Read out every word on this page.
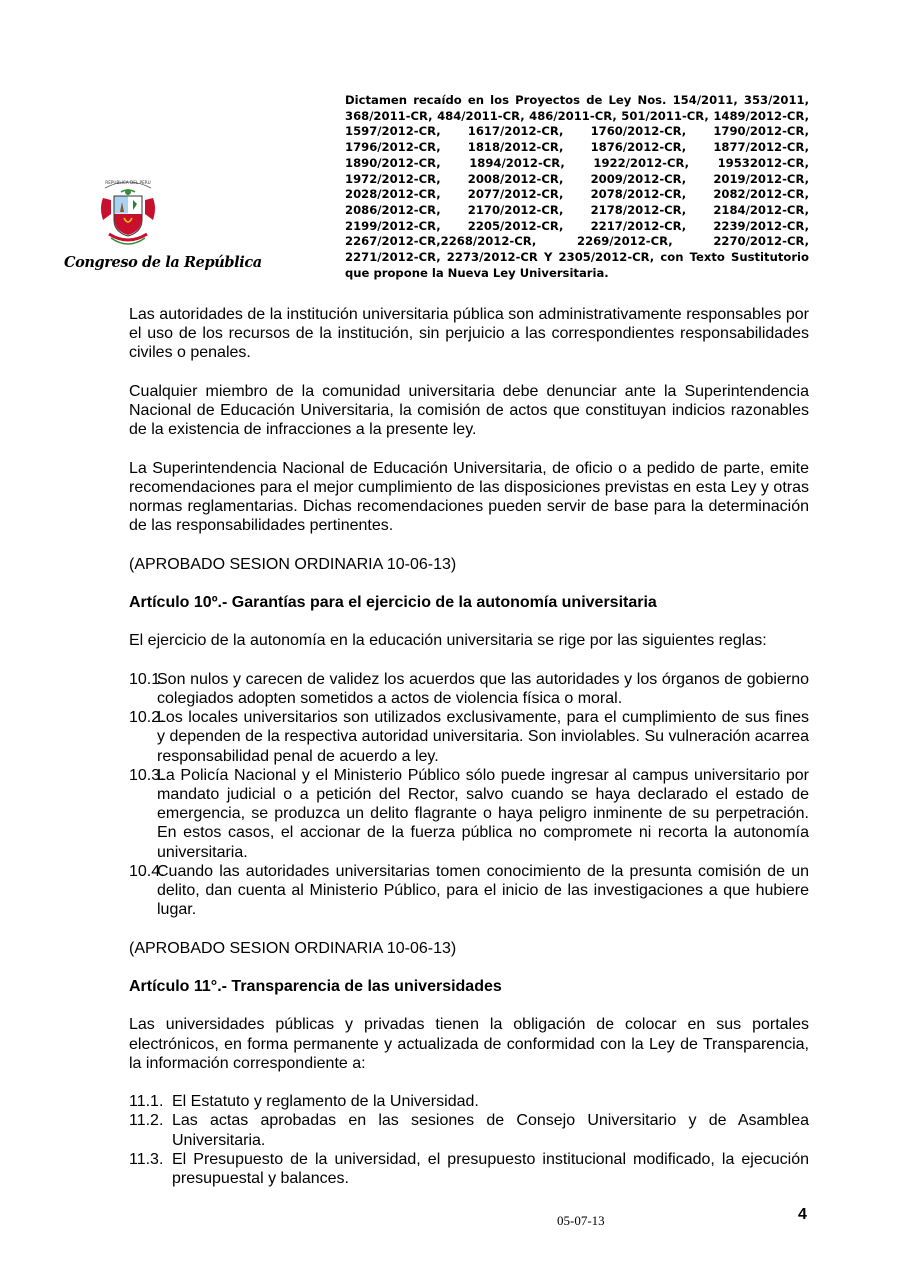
REPUBLICA DEL PERU
Congreso de la República
Dictamen recaído en los Proyectos de Ley Nos. 154/2011, 353/2011, 368/2011-CR, 484/2011-CR, 486/2011-CR, 501/2011-CR, 1489/2012-CR, 1597/2012-CR, 1617/2012-CR, 1760/2012-CR, 1790/2012-CR, 1796/2012-CR, 1818/2012-CR, 1876/2012-CR, 1877/2012-CR, 1890/2012-CR, 1894/2012-CR, 1922/2012-CR, 19532012-CR, 1972/2012-CR, 2008/2012-CR, 2009/2012-CR, 2019/2012-CR, 2028/2012-CR, 2077/2012-CR, 2078/2012-CR, 2082/2012-CR, 2086/2012-CR, 2170/2012-CR, 2178/2012-CR, 2184/2012-CR, 2199/2012-CR, 2205/2012-CR, 2217/2012-CR, 2239/2012-CR, 2267/2012-CR,2268/2012-CR, 2269/2012-CR, 2270/2012-CR, 2271/2012-CR, 2273/2012-CR Y 2305/2012-CR, con Texto Sustitutorio que propone la Nueva Ley Universitaria.

Las autoridades de la institución universitaria pública son administrativamente responsables por el uso de los recursos de la institución, sin perjuicio a las correspondientes responsabilidades civiles o penales.

Cualquier miembro de la comunidad universitaria debe denunciar ante la Superintendencia Nacional de Educación Universitaria, la comisión de actos que constituyan indicios razonables de la existencia de infracciones a la presente ley.

La Superintendencia Nacional de Educación Universitaria, de oficio o a pedido de parte, emite recomendaciones para el mejor cumplimiento de las disposiciones previstas en esta Ley y otras normas reglamentarias. Dichas recomendaciones pueden servir de base para la determinación de las responsabilidades pertinentes.

(APROBADO SESION ORDINARIA 10-06-13)

Artículo 10º.- Garantías para el ejercicio de la autonomía universitaria

El ejercicio de la autonomía en la educación universitaria se rige por las siguientes reglas:

10.1.
Son nulos y carecen de validez los acuerdos que las autoridades y los órganos de gobierno colegiados adopten sometidos a actos de violencia física o moral.
10.2.
Los locales universitarios son utilizados exclusivamente, para el cumplimiento de sus fines y dependen de la respectiva autoridad universitaria. Son inviolables. Su vulneración acarrea responsabilidad penal de acuerdo a ley.
10.3.
La Policía Nacional y el Ministerio Público sólo puede ingresar al campus universitario por mandato judicial o a petición del Rector, salvo cuando se haya declarado el estado de emergencia, se produzca un delito flagrante o haya peligro inminente de su perpetración. En estos casos, el accionar de la fuerza pública no compromete ni recorta la autonomía universitaria.
10.4.
Cuando las autoridades universitarias tomen conocimiento de la presunta comisión de un delito, dan cuenta al Ministerio Público, para el inicio de las investigaciones a que hubiere lugar.

(APROBADO SESION ORDINARIA 10-06-13)

Artículo 11°.- Transparencia de las universidades

Las universidades públicas y privadas tienen la obligación de colocar en sus portales electrónicos, en forma permanente y actualizada de conformidad con la Ley de Transparencia, la información correspondiente a:

11.1. El Estatuto y reglamento de la Universidad.
11.2. Las actas aprobadas en las sesiones de Consejo Universitario y de Asamblea Universitaria.
11.3. El Presupuesto de la universidad, el presupuesto institucional modificado, la ejecución presupuestal y balances.
05-07-13	4
